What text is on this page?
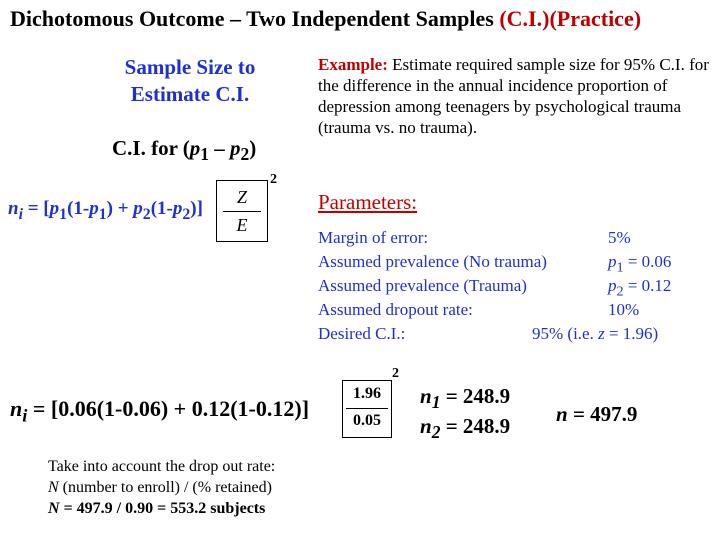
Dichotomous Outcome – Two Independent Samples (C.I.)(Practice)
Sample Size to
Estimate C.I.
C.I. for $(p_1 - p_2)$
$n_i = [p_1(1-p_1) + p_2(1-p_2)]$
Z
E
2
Example: Estimate required sample size for 95% C.I. for the difference in the annual incidence proportion of depression among teenagers by psychological trauma (trauma vs. no trauma).
Parameters:
Margin of error:	5%
Assumed prevalence (No trauma)	$p_1 = 0.06$
Assumed prevalence (Trauma)	$p_2 = 0.12$
Assumed dropout rate:	10%
Desired C.I.:	95% (i.e. z = 1.96)
$n_i = [0.06(1-0.06) + 0.12(1-0.12)]$
1.96
0.05
2
$n_1 = 248.9$
$n_2 = 248.9$ n = 497.9
Take into account the drop out rate:
N (number to enroll) / (% retained)
N = 497.9 / 0.90 = 553.2 subjects
